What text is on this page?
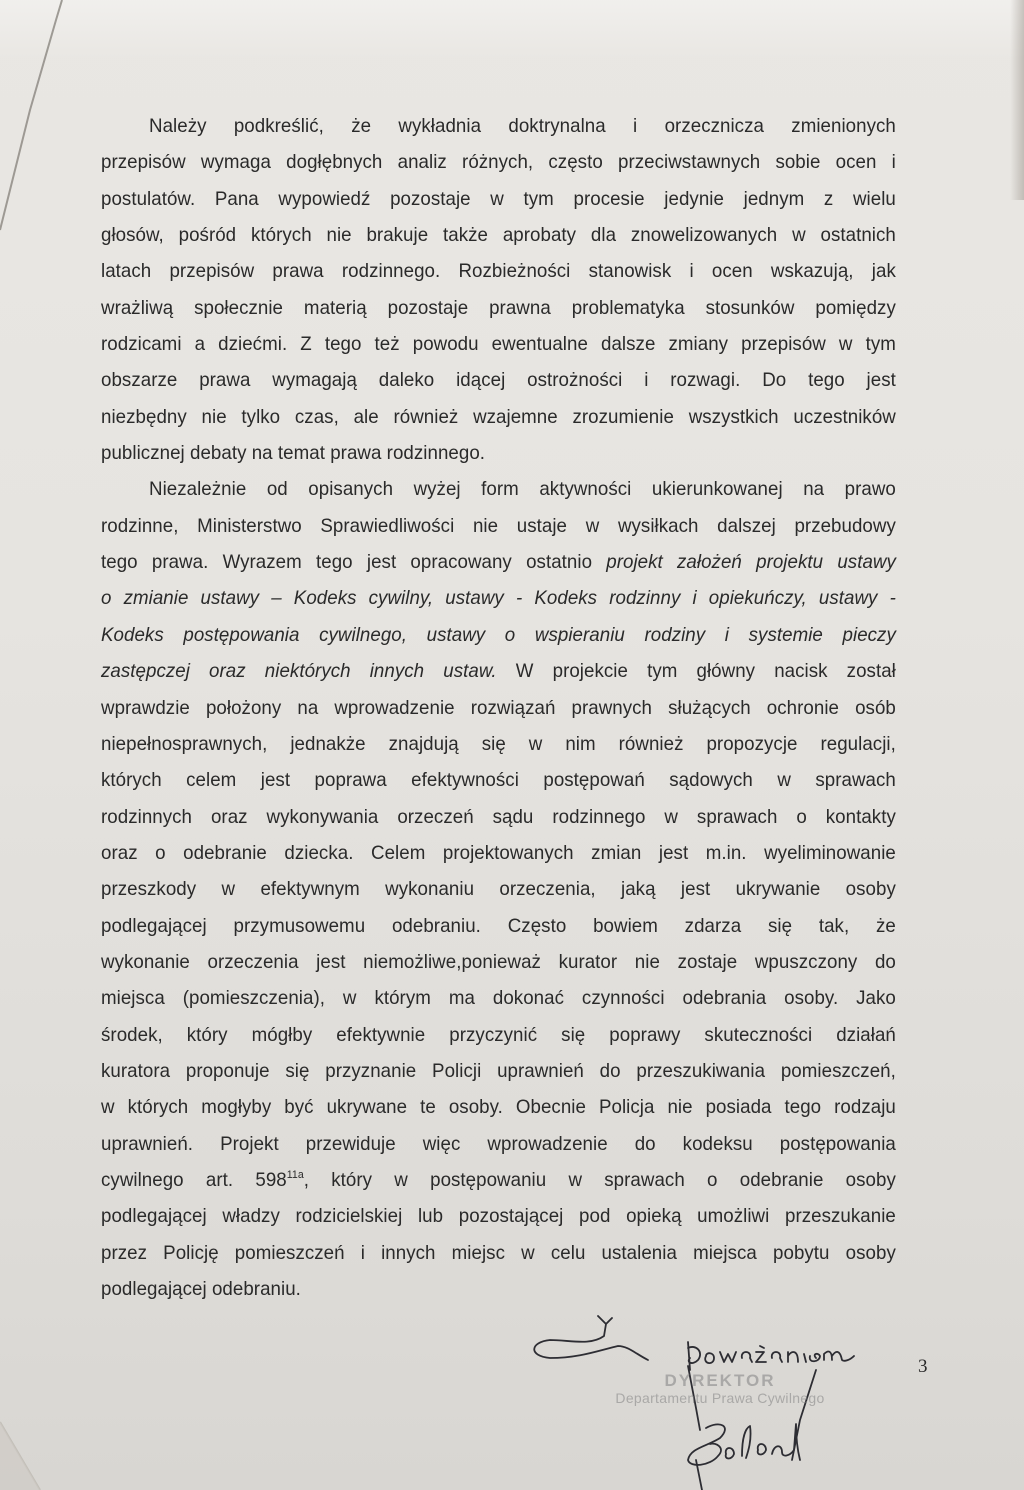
Należy podkreślić, że wykładnia doktrynalna i orzecznicza zmienionych
przepisów wymaga dogłębnych analiz różnych, często przeciwstawnych sobie ocen i
postulatów. Pana wypowiedź pozostaje w tym procesie jedynie jednym z wielu
głosów, pośród których nie brakuje także aprobaty dla znowelizowanych w ostatnich
latach przepisów prawa rodzinnego. Rozbieżności stanowisk i ocen wskazują, jak
wrażliwą społecznie materią pozostaje prawna problematyka stosunków pomiędzy
rodzicami a dziećmi. Z tego też powodu ewentualne dalsze zmiany przepisów w tym
obszarze prawa wymagają daleko idącej ostrożności i rozwagi. Do tego jest
niezbędny nie tylko czas, ale również wzajemne zrozumienie wszystkich uczestników
publicznej debaty na temat prawa rodzinnego.
Niezależnie od opisanych wyżej form aktywności ukierunkowanej na prawo
rodzinne, Ministerstwo Sprawiedliwości nie ustaje w wysiłkach dalszej przebudowy
tego prawa. Wyrazem tego jest opracowany ostatnio projekt założeń projektu ustawy
o zmianie ustawy – Kodeks cywilny, ustawy - Kodeks rodzinny i opiekuńczy, ustawy -
Kodeks postępowania cywilnego, ustawy o wspieraniu rodziny i systemie pieczy
zastępczej oraz niektórych innych ustaw. W projekcie tym główny nacisk został
wprawdzie położony na wprowadzenie rozwiązań prawnych służących ochronie osób
niepełnosprawnych, jednakże znajdują się w nim również propozycje regulacji,
których celem jest poprawa efektywności postępowań sądowych w sprawach
rodzinnych oraz wykonywania orzeczeń sądu rodzinnego w sprawach o kontakty
oraz o odebranie dziecka. Celem projektowanych zmian jest m.in. wyeliminowanie
przeszkody w efektywnym wykonaniu orzeczenia, jaką jest ukrywanie osoby
podlegającej przymusowemu odebraniu. Często bowiem zdarza się tak, że
wykonanie orzeczenia jest niemożliwe,ponieważ kurator nie zostaje wpuszczony do
miejsca (pomieszczenia), w którym ma dokonać czynności odebrania osoby. Jako
środek, który mógłby efektywnie przyczynić się poprawy skuteczności działań
kuratora proponuje się przyznanie Policji uprawnień do przeszukiwania pomieszczeń,
w których mogłyby być ukrywane te osoby. Obecnie Policja nie posiada tego rodzaju
uprawnień. Projekt przewiduje więc wprowadzenie do kodeksu postępowania
cywilnego art. $598^{11a}$, który w postępowaniu w sprawach o odebranie osoby
podlegającej władzy rodzicielskiej lub pozostającej pod opieką umożliwi przeszukanie
przez Policję pomieszczeń i innych miejsc w celu ustalenia miejsca pobytu osoby
podlegającej odebraniu.
DYREKTOR
Departamentu Prawa Cywilnego
3
